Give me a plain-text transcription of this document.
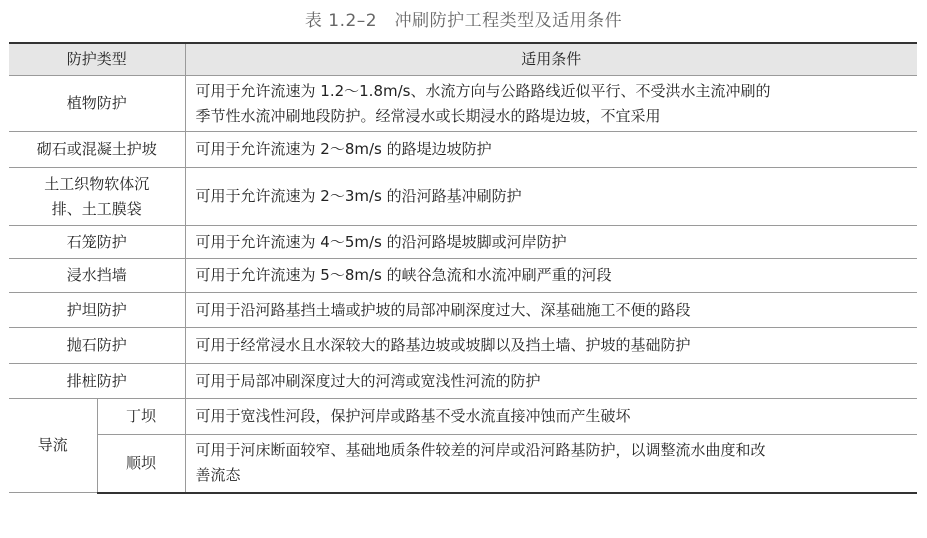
表 1.2–2　冲刷防护工程类型及适用条件
防护类型		适用条件
植物防护		可用于允许流速为 1.2～1.8m/s、水流方向与公路路线近似平行、不受洪水主流冲刷的
季节性水流冲刷地段防护。经常浸水或长期浸水的路堤边坡，不宜采用
砌石或混凝土护坡		可用于允许流速为 2～8m/s 的路堤边坡防护
土工织物软体沉
排、土工膜袋		可用于允许流速为 2～3m/s 的沿河路基冲刷防护
石笼防护		可用于允许流速为 4～5m/s 的沿河路堤坡脚或河岸防护
浸水挡墙		可用于允许流速为 5～8m/s 的峡谷急流和水流冲刷严重的河段
护坦防护		可用于沿河路基挡土墙或护坡的局部冲刷深度过大、深基础施工不便的路段
抛石防护		可用于经常浸水且水深较大的路基边坡或坡脚以及挡土墙、护坡的基础防护
排桩防护		可用于局部冲刷深度过大的河湾或宽浅性河流的防护
导流	丁坝	可用于宽浅性河段，保护河岸或路基不受水流直接冲蚀而产生破坏
	顺坝	可用于河床断面较窄、基础地质条件较差的河岸或沿河路基防护，以调整流水曲度和改
善流态
